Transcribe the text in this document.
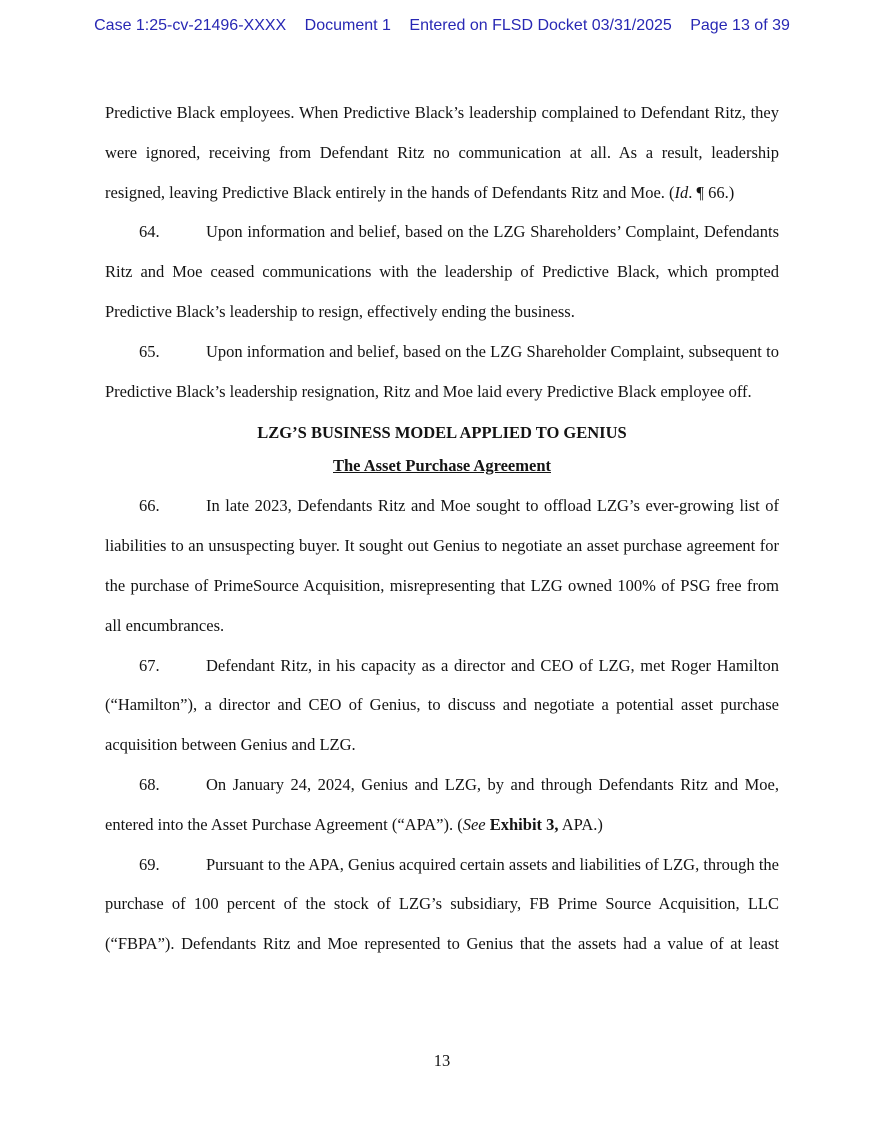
Case 1:25-cv-21496-XXXX Document 1 Entered on FLSD Docket 03/31/2025 Page 13 of 39

Predictive Black employees. When Predictive Black’s leadership complained to Defendant Ritz, they were ignored, receiving from Defendant Ritz no communication at all. As a result, leadership resigned, leaving Predictive Black entirely in the hands of Defendants Ritz and Moe. (Id. ¶ 66.)

64.	Upon information and belief, based on the LZG Shareholders’ Complaint, Defendants Ritz and Moe ceased communications with the leadership of Predictive Black, which prompted Predictive Black’s leadership to resign, effectively ending the business.

65.	Upon information and belief, based on the LZG Shareholder Complaint, subsequent to Predictive Black’s leadership resignation, Ritz and Moe laid every Predictive Black employee off.

LZG’S BUSINESS MODEL APPLIED TO GENIUS

The Asset Purchase Agreement

66.	In late 2023, Defendants Ritz and Moe sought to offload LZG’s ever-growing list of liabilities to an unsuspecting buyer. It sought out Genius to negotiate an asset purchase agreement for the purchase of PrimeSource Acquisition, misrepresenting that LZG owned 100% of PSG free from all encumbrances.

67.	Defendant Ritz, in his capacity as a director and CEO of LZG, met Roger Hamilton (“Hamilton”), a director and CEO of Genius, to discuss and negotiate a potential asset purchase acquisition between Genius and LZG.

68.	On January 24, 2024, Genius and LZG, by and through Defendants Ritz and Moe, entered into the Asset Purchase Agreement (“APA”). (See Exhibit 3, APA.)

69.	Pursuant to the APA, Genius acquired certain assets and liabilities of LZG, through the purchase of 100 percent of the stock of LZG’s subsidiary, FB Prime Source Acquisition, LLC (“FBPA”). Defendants Ritz and Moe represented to Genius that the assets had a value of at least

13
